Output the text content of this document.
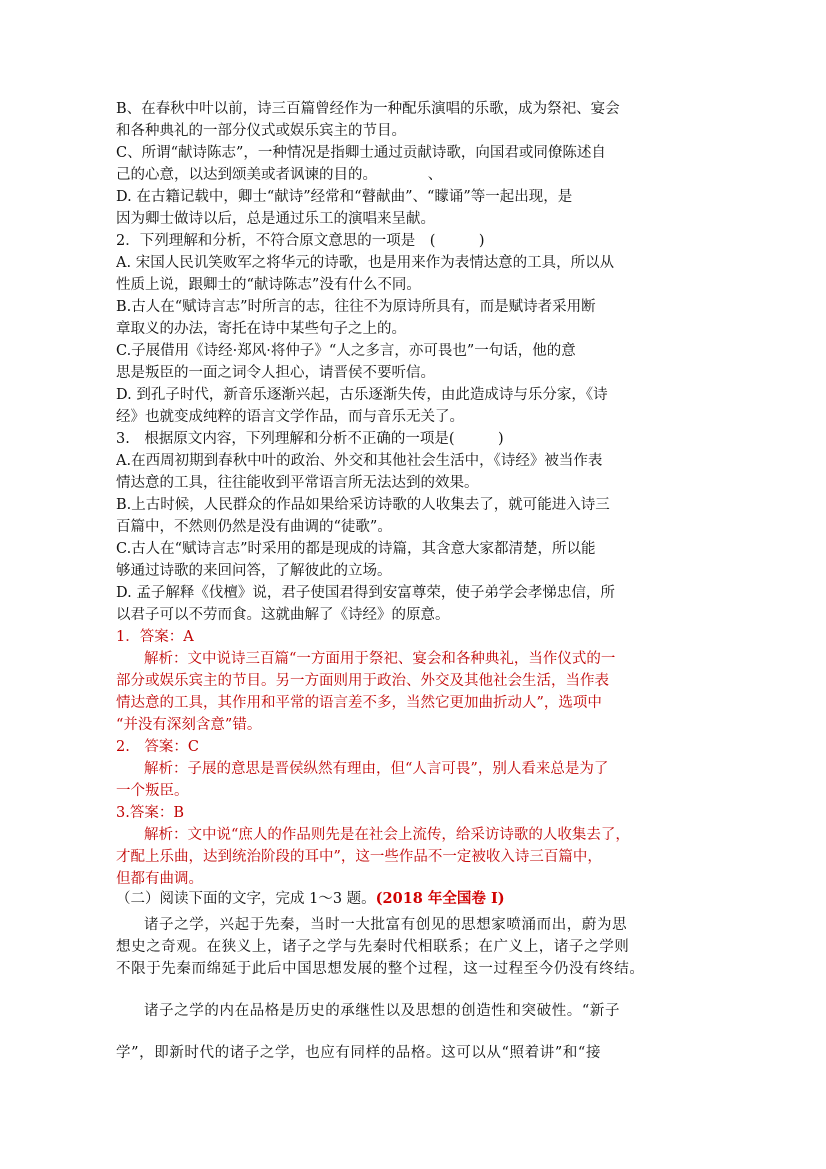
B、在春秋中叶以前，诗三百篇曾经作为一种配乐演唱的乐歌，成为祭祀、宴会
和各种典礼的一部分仪式或娱乐宾主的节目。
C、所谓“献诗陈志”，一种情况是指卿士通过贡献诗歌，向国君或同僚陈述自
己的心意，以达到颂美或者讽谏的目的。　　　　、
D. 在古籍记载中，卿士“献诗”经常和“瞽献曲”、“矇诵”等一起出现，是
因为卿士做诗以后，总是通过乐工的演唱来呈献。
2．下列理解和分析，不符合原文意思的一项是　(　　　)
A. 宋国人民讥笑败军之将华元的诗歌，也是用来作为表情达意的工具，所以从
性质上说，跟卿士的“献诗陈志”没有什么不同。
B.古人在“赋诗言志”时所言的志，往往不为原诗所具有，而是赋诗者采用断
章取义的办法，寄托在诗中某些句子之上的。
C.子展借用《诗经·郑风·将仲子》“人之多言，亦可畏也”一句话，他的意
思是叛臣的一面之词令人担心，请晋侯不要听信。
D. 到孔子时代，新音乐逐渐兴起，古乐逐渐失传，由此造成诗与乐分家，《诗
经》也就变成纯粹的语言文学作品，而与音乐无关了。
3.　根据原文内容，下列理解和分析不正确的一项是(　　　)
A.在西周初期到春秋中叶的政治、外交和其他社会生活中，《诗经》被当作表
情达意的工具，往往能收到平常语言所无法达到的效果。
B.上古时候，人民群众的作品如果给采访诗歌的人收集去了，就可能进入诗三
百篇中，不然则仍然是没有曲调的“徒歌”。
C.古人在“赋诗言志”时采用的都是现成的诗篇，其含意大家都清楚，所以能
够通过诗歌的来回问答，了解彼此的立场。
D. 孟子解释《伐檀》说，君子使国君得到安富尊荣，使子弟学会孝悌忠信，所
以君子可以不劳而食。这就曲解了《诗经》的原意。
1．答案：A
解析：文中说诗三百篇“一方面用于祭祀、宴会和各种典礼，当作仪式的一
部分或娱乐宾主的节目。另一方面则用于政治、外交及其他社会生活，当作表
情达意的工具，其作用和平常的语言差不多，当然它更加曲折动人”，选项中
“并没有深刻含意”错。
2.　答案：C
解析：子展的意思是晋侯纵然有理由，但“人言可畏”，别人看来总是为了
一个叛臣。
3.答案：B
解析：文中说“庶人的作品则先是在社会上流传，给采访诗歌的人收集去了，
才配上乐曲，达到统治阶段的耳中”，这一些作品不一定被收入诗三百篇中，
但都有曲调。
（二）阅读下面的文字，完成 1～3 题。(2018 年全国卷 I)
诸子之学，兴起于先秦，当时一大批富有创见的思想家喷涌而出，蔚为思
想史之奇观。在狭义上，诸子之学与先秦时代相联系；在广义上，诸子之学则
不限于先秦而绵延于此后中国思想发展的整个过程，这一过程至今仍没有终结。
诸子之学的内在品格是历史的承继性以及思想的创造性和突破性。“新子
学”，即新时代的诸子之学，也应有同样的品格。这可以从“照着讲”和“接
